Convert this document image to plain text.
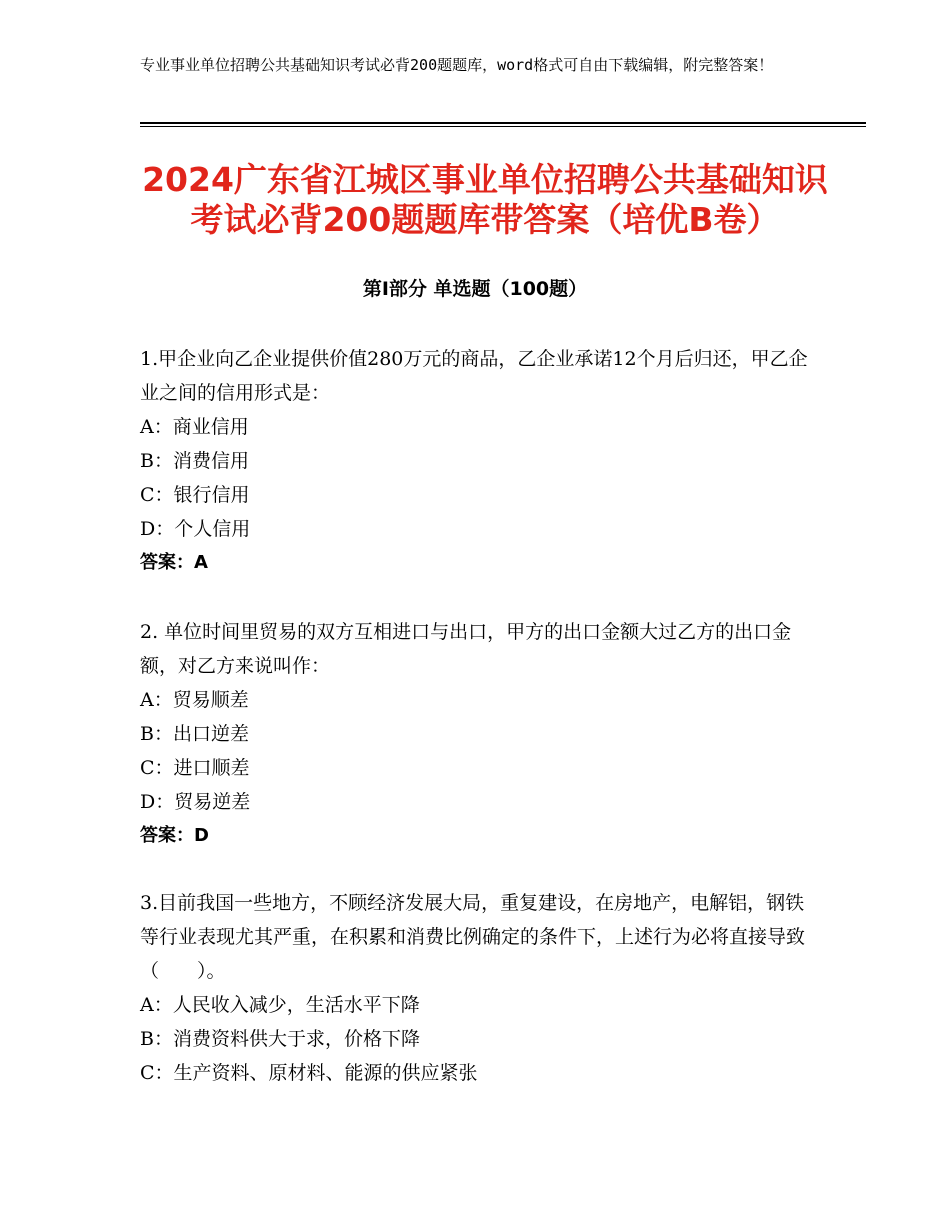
专业事业单位招聘公共基础知识考试必背200题题库，word格式可自由下载编辑，附完整答案！
2024广东省江城区事业单位招聘公共基础知识考试必背200题题库带答案（培优B卷）
第Ⅰ部分 单选题（100题）
1.甲企业向乙企业提供价值280万元的商品，乙企业承诺12个月后归还，甲乙企业之间的信用形式是：
A：商业信用
B：消费信用
C：银行信用
D：个人信用
答案：A
2. 单位时间里贸易的双方互相进口与出口，甲方的出口金额大过乙方的出口金额，对乙方来说叫作：
A：贸易顺差
B：出口逆差
C：进口顺差
D：贸易逆差
答案：D
3.目前我国一些地方，不顾经济发展大局，重复建设，在房地产，电解铝，钢铁等行业表现尤其严重，在积累和消费比例确定的条件下，上述行为必将直接导致（　　）。
A：人民收入减少，生活水平下降
B：消费资料供大于求，价格下降
C：生产资料、原材料、能源的供应紧张
